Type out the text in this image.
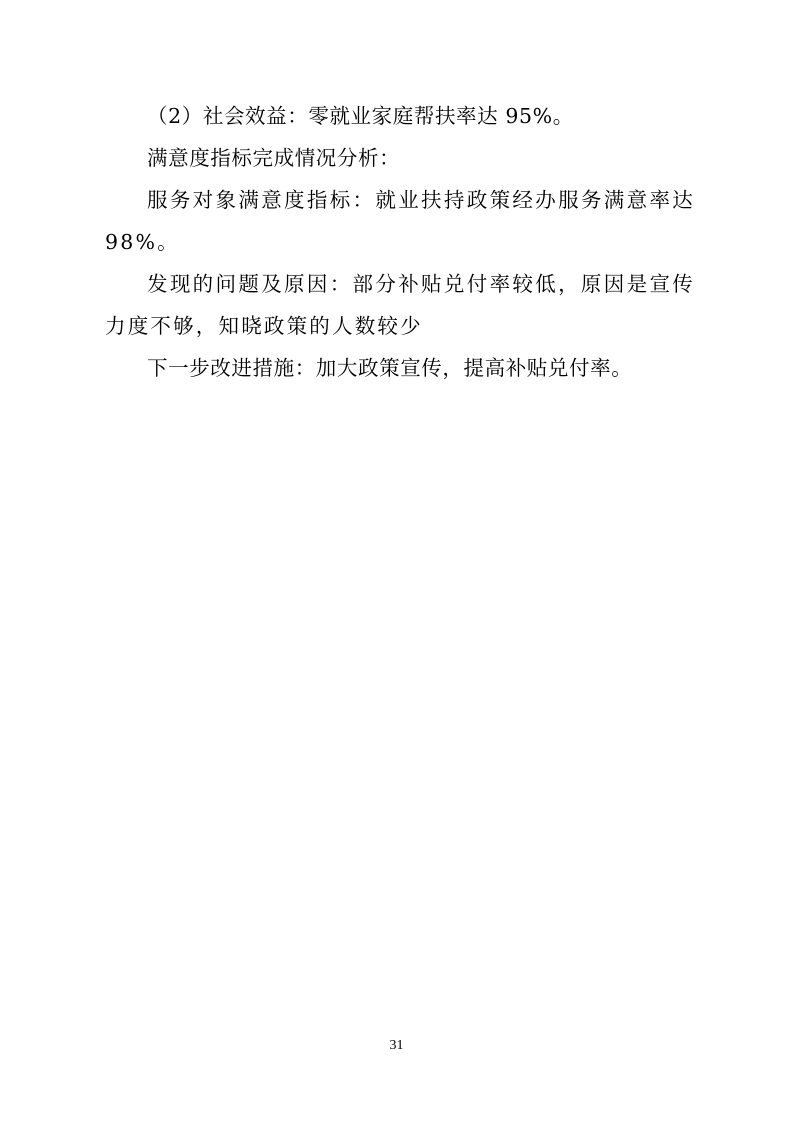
（2）社会效益：零就业家庭帮扶率达 95%。

满意度指标完成情况分析：

服务对象满意度指标：就业扶持政策经办服务满意率达 98%。

发现的问题及原因：部分补贴兑付率较低，原因是宣传力度不够，知晓政策的人数较少

下一步改进措施：加大政策宣传，提高补贴兑付率。

31
